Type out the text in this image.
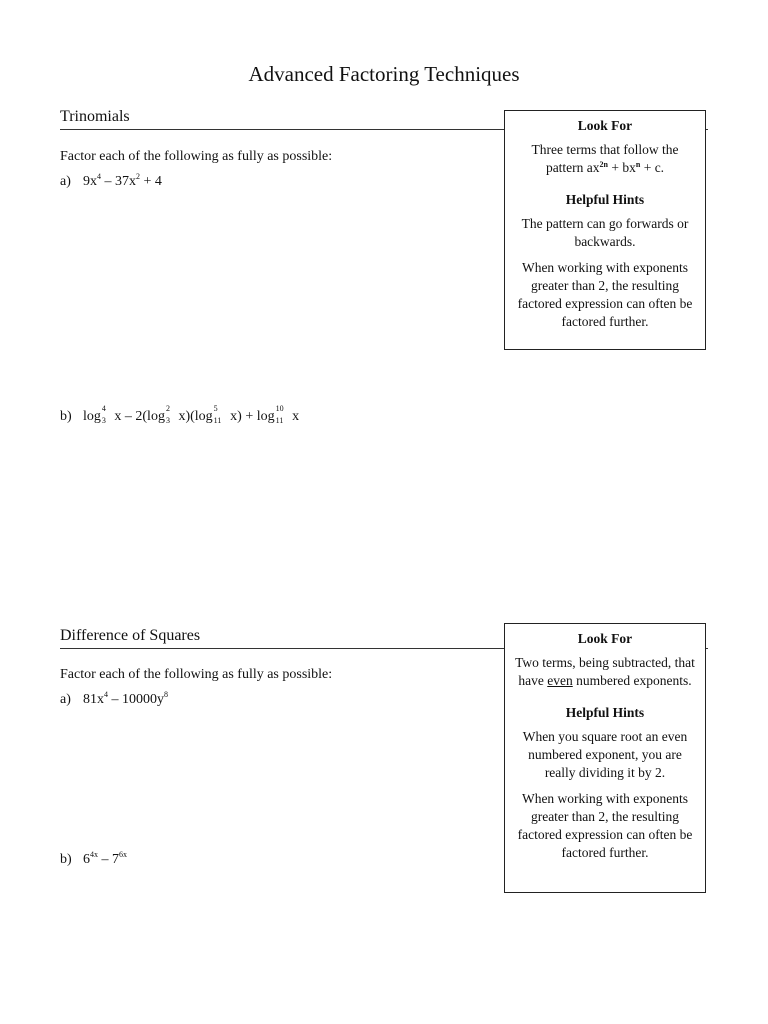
Advanced Factoring Techniques
Trinomials
Factor each of the following as fully as possible:
a) $9x^4 - 37x^2 + 4$
b) log
4
3 x – 2(log
2
3 x)(log
5
11 x) + log
10
11 x
Look For

Three terms that follow the pattern $ax^{2n} + bx^n + c$.

Helpful Hints

The pattern can go forwards or backwards.

When working with exponents greater than 2, the resulting factored expression can often be factored further.

Difference of Squares
Factor each of the following as fully as possible:
a) $81x^4 - 10000y^8$
b) $6^{4x} - 7^{6x}$
Look For

Two terms, being subtracted, that have even numbered exponents.

Helpful Hints

When you square root an even numbered exponent, you are really dividing it by 2.

When working with exponents greater than 2, the resulting factored expression can often be factored further.
